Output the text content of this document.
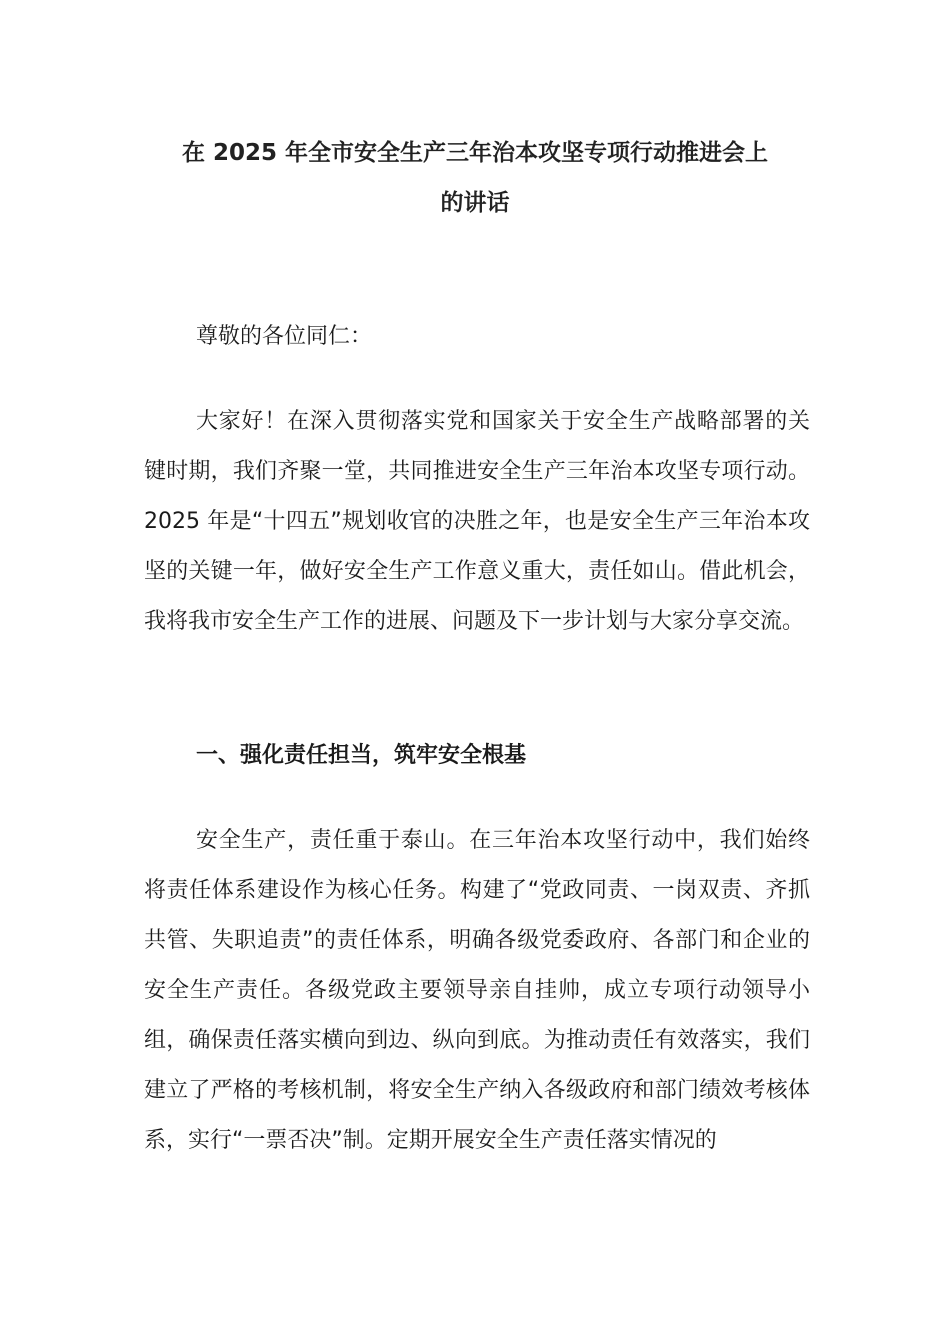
在 2025 年全市安全生产三年治本攻坚专项行动推进会上
的讲话

尊敬的各位同仁：

大家好！在深入贯彻落实党和国家关于安全生产战略部署的关键时期，我们齐聚一堂，共同推进安全生产三年治本攻坚专项行动。2025 年是“十四五”规划收官的决胜之年，也是安全生产三年治本攻坚的关键一年，做好安全生产工作意义重大，责任如山。借此机会，我将我市安全生产工作的进展、问题及下一步计划与大家分享交流。

一、强化责任担当，筑牢安全根基

安全生产，责任重于泰山。在三年治本攻坚行动中，我们始终将责任体系建设作为核心任务。构建了“党政同责、一岗双责、齐抓共管、失职追责”的责任体系，明确各级党委政府、各部门和企业的安全生产责任。各级党政主要领导亲自挂帅，成立专项行动领导小组，确保责任落实横向到边、纵向到底。为推动责任有效落实，我们建立了严格的考核机制，将安全生产纳入各级政府和部门绩效考核体系，实行“一票否决”制。定期开展安全生产责任落实情况的
